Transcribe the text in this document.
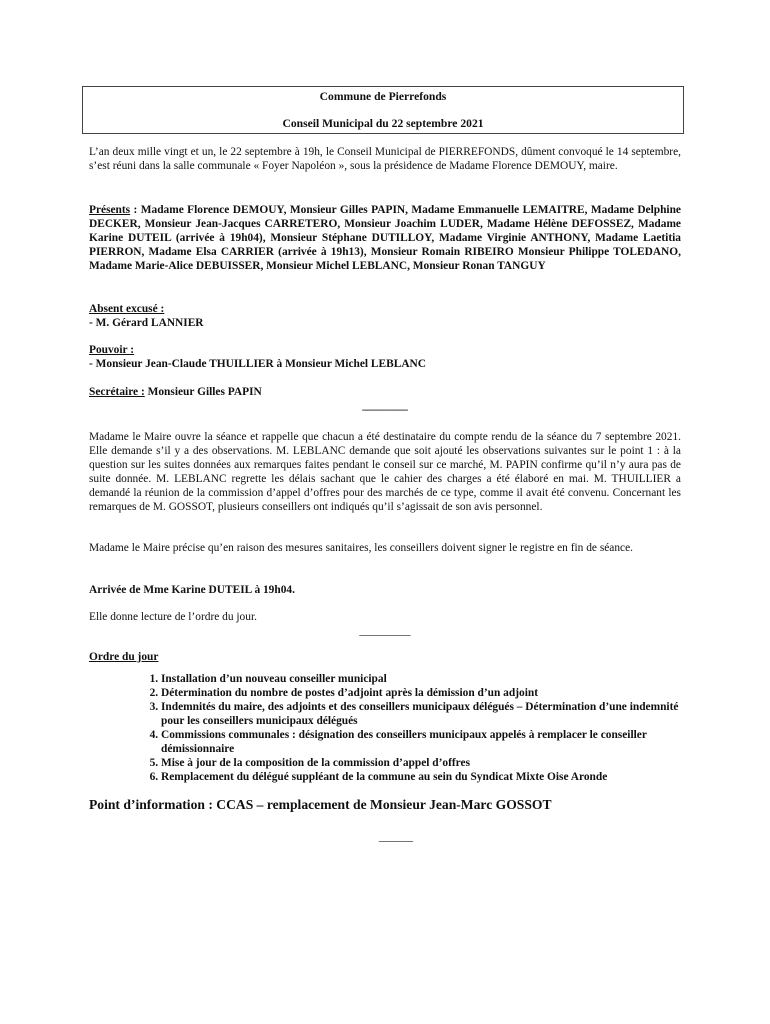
Commune de Pierrefonds
Conseil Municipal du 22 septembre 2021
L’an deux mille vingt et un, le 22 septembre à 19h, le Conseil Municipal de PIERREFONDS, dûment convoqué le 14 septembre, s’est réuni dans la salle communale « Foyer Napoléon », sous la présidence de Madame Florence DEMOUY, maire.
Présents : Madame Florence DEMOUY, Monsieur Gilles PAPIN, Madame Emmanuelle LEMAITRE, Madame Delphine DECKER, Monsieur Jean-Jacques CARRETERO, Monsieur Joachim LUDER, Madame Hélène DEFOSSEZ, Madame Karine DUTEIL (arrivée à 19h04), Monsieur Stéphane DUTILLOY, Madame Virginie ANTHONY, Madame Laetitia PIERRON, Madame Elsa CARRIER (arrivée à 19h13), Monsieur Romain RIBEIRO Monsieur Philippe TOLEDANO, Madame Marie-Alice DEBUISSER, Monsieur Michel LEBLANC, Monsieur Ronan TANGUY
Absent excusé :
- M. Gérard LANNIER
Pouvoir :
- Monsieur Jean-Claude THUILLIER à Monsieur Michel LEBLANC
Secrétaire : Monsieur Gilles PAPIN
________
Madame le Maire ouvre la séance et rappelle que chacun a été destinataire du compte rendu de la séance du 7 septembre 2021. Elle demande s’il y a des observations. M. LEBLANC demande que soit ajouté les observations suivantes sur le point 1 : à la question sur les suites données aux remarques faites pendant le conseil sur ce marché, M. PAPIN confirme qu’il n’y aura pas de suite donnée. M. LEBLANC regrette les délais sachant que le cahier des charges a été élaboré en mai. M. THUILLIER a demandé la réunion de la commission d’appel d’offres pour des marchés de ce type, comme il avait été convenu. Concernant les remarques de M. GOSSOT, plusieurs conseillers ont indiqués qu’il s’agissait de son avis personnel.
Madame le Maire précise qu’en raison des mesures sanitaires, les conseillers doivent signer le registre en fin de séance.
Arrivée de Mme Karine DUTEIL à 19h04.
Elle donne lecture de l’ordre du jour.
_________
Ordre du jour
1. Installation d’un nouveau conseiller municipal
2. Détermination du nombre de postes d’adjoint après la démission d’un adjoint
3. Indemnités du maire, des adjoints et des conseillers municipaux délégués – Détermination d’une indemnité pour les conseillers municipaux délégués
4. Commissions communales : désignation des conseillers municipaux appelés à remplacer le conseiller démissionnaire
5. Mise à jour de la composition de la commission d’appel d’offres
6. Remplacement du délégué suppléant de la commune au sein du Syndicat Mixte Oise Aronde
Point d’information : CCAS – remplacement de Monsieur Jean-Marc GOSSOT
______
